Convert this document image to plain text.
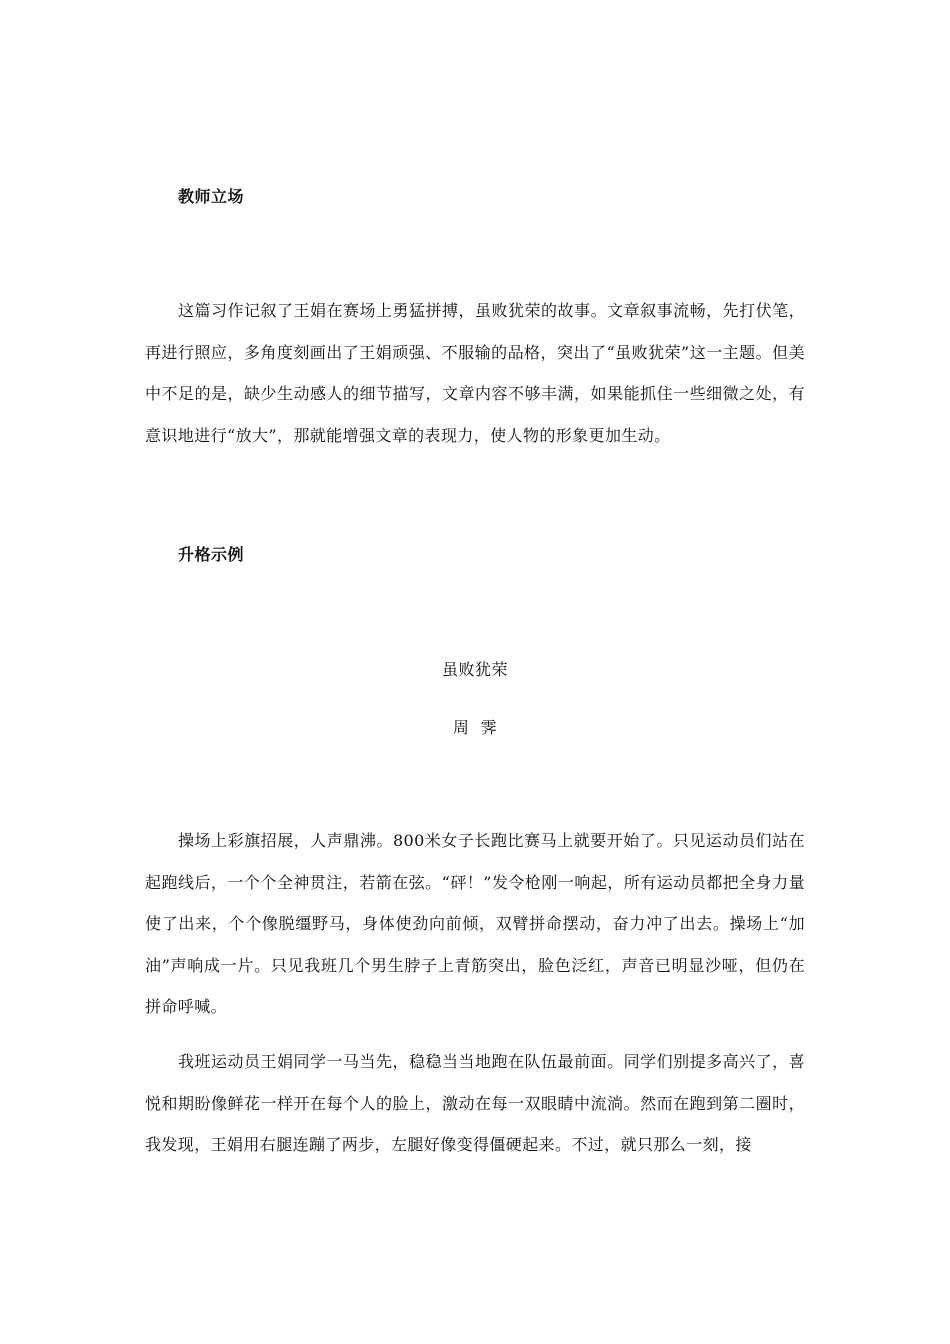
教师立场

这篇习作记叙了王娟在赛场上勇猛拼搏，虽败犹荣的故事。文章叙事流畅，先打伏笔，再进行照应，多角度刻画出了王娟顽强、不服输的品格，突出了“虽败犹荣”这一主题。但美中不足的是，缺少生动感人的细节描写，文章内容不够丰满，如果能抓住一些细微之处，有意识地进行“放大”，那就能增强文章的表现力，使人物的形象更加生动。

升格示例

虽败犹荣

周  霁

操场上彩旗招展，人声鼎沸。800米女子长跑比赛马上就要开始了。只见运动员们站在起跑线后，一个个全神贯注，若箭在弦。“砰！”发令枪刚一响起，所有运动员都把全身力量使了出来，个个像脱缰野马，身体使劲向前倾，双臂拼命摆动，奋力冲了出去。操场上“加油”声响成一片。只见我班几个男生脖子上青筋突出，脸色泛红，声音已明显沙哑，但仍在拼命呼喊。

我班运动员王娟同学一马当先，稳稳当当地跑在队伍最前面。同学们别提多高兴了，喜悦和期盼像鲜花一样开在每个人的脸上，激动在每一双眼睛中流淌。然而在跑到第二圈时，我发现，王娟用右腿连蹦了两步，左腿好像变得僵硬起来。不过，就只那么一刻，接
